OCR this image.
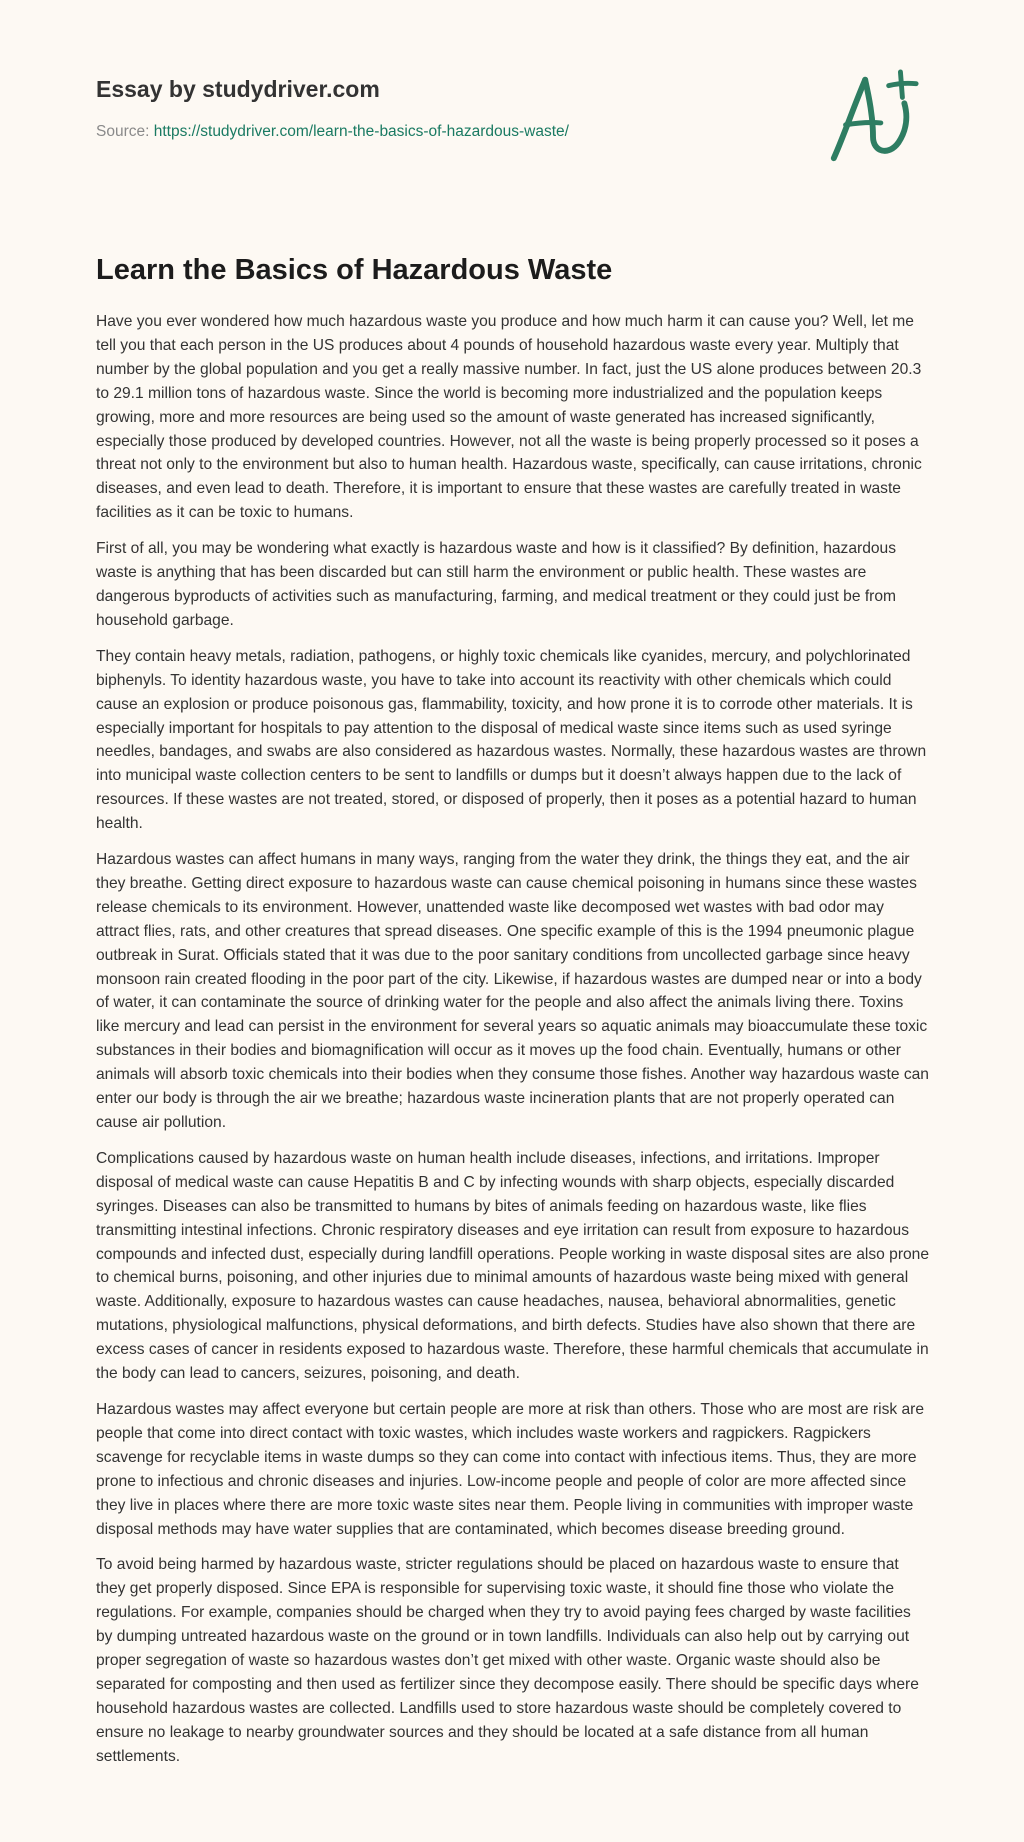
Essay by studydriver.com
Source: https://studydriver.com/learn-the-basics-of-hazardous-waste/
Learn the Basics of Hazardous Waste

Have you ever wondered how much hazardous waste you produce and how much harm it can cause you? Well, let me tell you that each person in the US produces about 4 pounds of household hazardous waste every year. Multiply that number by the global population and you get a really massive number. In fact, just the US alone produces between 20.3 to 29.1 million tons of hazardous waste. Since the world is becoming more industrialized and the population keeps growing, more and more resources are being used so the amount of waste generated has increased significantly, especially those produced by developed countries. However, not all the waste is being properly processed so it poses a threat not only to the environment but also to human health. Hazardous waste, specifically, can cause irritations, chronic diseases, and even lead to death. Therefore, it is important to ensure that these wastes are carefully treated in waste facilities as it can be toxic to humans.

First of all, you may be wondering what exactly is hazardous waste and how is it classified? By definition, hazardous waste is anything that has been discarded but can still harm the environment or public health. These wastes are dangerous byproducts of activities such as manufacturing, farming, and medical treatment or they could just be from household garbage.

They contain heavy metals, radiation, pathogens, or highly toxic chemicals like cyanides, mercury, and polychlorinated biphenyls. To identity hazardous waste, you have to take into account its reactivity with other chemicals which could cause an explosion or produce poisonous gas, flammability, toxicity, and how prone it is to corrode other materials. It is especially important for hospitals to pay attention to the disposal of medical waste since items such as used syringe needles, bandages, and swabs are also considered as hazardous wastes. Normally, these hazardous wastes are thrown into municipal waste collection centers to be sent to landfills or dumps but it doesn’t always happen due to the lack of resources. If these wastes are not treated, stored, or disposed of properly, then it poses as a potential hazard to human health.

Hazardous wastes can affect humans in many ways, ranging from the water they drink, the things they eat, and the air they breathe. Getting direct exposure to hazardous waste can cause chemical poisoning in humans since these wastes release chemicals to its environment. However, unattended waste like decomposed wet wastes with bad odor may attract flies, rats, and other creatures that spread diseases. One specific example of this is the 1994 pneumonic plague outbreak in Surat. Officials stated that it was due to the poor sanitary conditions from uncollected garbage since heavy monsoon rain created flooding in the poor part of the city. Likewise, if hazardous wastes are dumped near or into a body of water, it can contaminate the source of drinking water for the people and also affect the animals living there. Toxins like mercury and lead can persist in the environment for several years so aquatic animals may bioaccumulate these toxic substances in their bodies and biomagnification will occur as it moves up the food chain. Eventually, humans or other animals will absorb toxic chemicals into their bodies when they consume those fishes. Another way hazardous waste can enter our body is through the air we breathe; hazardous waste incineration plants that are not properly operated can cause air pollution.

Complications caused by hazardous waste on human health include diseases, infections, and irritations. Improper disposal of medical waste can cause Hepatitis B and C by infecting wounds with sharp objects, especially discarded syringes. Diseases can also be transmitted to humans by bites of animals feeding on hazardous waste, like flies transmitting intestinal infections. Chronic respiratory diseases and eye irritation can result from exposure to hazardous compounds and infected dust, especially during landfill operations. People working in waste disposal sites are also prone to chemical burns, poisoning, and other injuries due to minimal amounts of hazardous waste being mixed with general waste. Additionally, exposure to hazardous wastes can cause headaches, nausea, behavioral abnormalities, genetic mutations, physiological malfunctions, physical deformations, and birth defects. Studies have also shown that there are excess cases of cancer in residents exposed to hazardous waste. Therefore, these harmful chemicals that accumulate in the body can lead to cancers, seizures, poisoning, and death.

Hazardous wastes may affect everyone but certain people are more at risk than others. Those who are most are risk are people that come into direct contact with toxic wastes, which includes waste workers and ragpickers. Ragpickers scavenge for recyclable items in waste dumps so they can come into contact with infectious items. Thus, they are more prone to infectious and chronic diseases and injuries. Low-income people and people of color are more affected since they live in places where there are more toxic waste sites near them. People living in communities with improper waste disposal methods may have water supplies that are contaminated, which becomes disease breeding ground.

To avoid being harmed by hazardous waste, stricter regulations should be placed on hazardous waste to ensure that they get properly disposed. Since EPA is responsible for supervising toxic waste, it should fine those who violate the regulations. For example, companies should be charged when they try to avoid paying fees charged by waste facilities by dumping untreated hazardous waste on the ground or in town landfills. Individuals can also help out by carrying out proper segregation of waste so hazardous wastes don’t get mixed with other waste. Organic waste should also be separated for composting and then used as fertilizer since they decompose easily. There should be specific days where household hazardous wastes are collected. Landfills used to store hazardous waste should be completely covered to ensure no leakage to nearby groundwater sources and they should be located at a safe distance from all human settlements.
